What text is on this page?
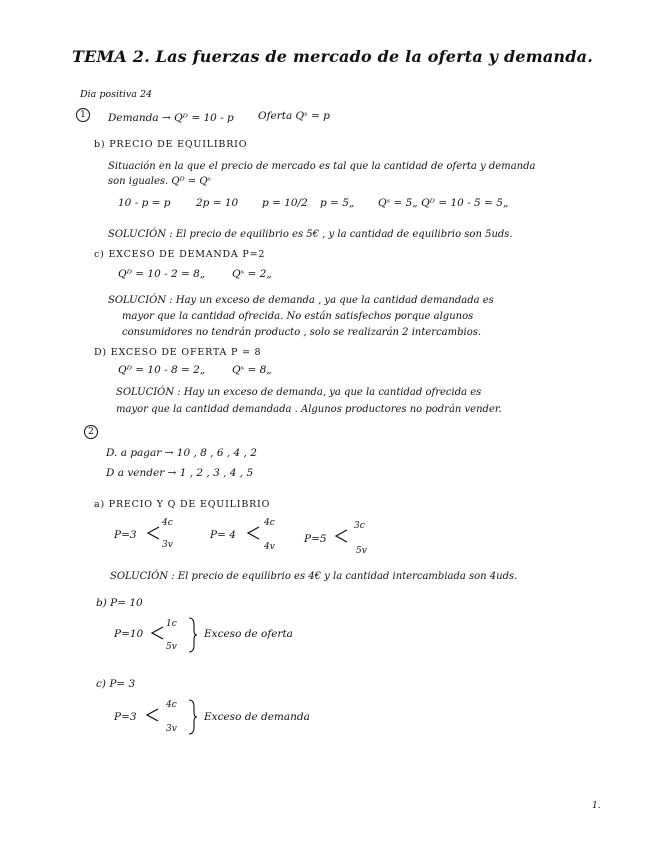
TEMA 2. Las fuerzas de mercado de la oferta y demanda.
Dia positiva 24
1	Demanda → Qᴰ = 10 - p Oferta Qˢ = p
b) PRECIO DE EQUILIBRIO
Situación en la que el precio de mercado es tal que la cantidad de oferta y demanda
son iguales. Qᴰ = Qˢ
10 - p = p 2p = 10 p = 10/2 p = 5„ Qˢ = 5„ Qᴰ = 10 - 5 = 5„
SOLUCIÓN : El precio de equilibrio es 5€ , y la cantidad de equilibrio son 5uds.
c) EXCESO DE DEMANDA P=2
Qᴰ = 10 - 2 = 8„	Qˢ = 2„
SOLUCIÓN : Hay un exceso de demanda , ya que la cantidad demandada es
mayor que la cantidad ofrecida. No están satisfechos porque algunos
consumidores no tendrán producto , solo se realizarán 2 intercambios.
D) EXCESO DE OFERTA P = 8
Qᴰ = 10 - 8 = 2„	Qˢ = 8„
SOLUCIÓN : Hay un exceso de demanda, ya que la cantidad ofrecida es
mayor que la cantidad demandada . Algunos productores no podrán vender.
2
D. a pagar → 10 , 8 , 6 , 4 , 2
D a vender → 1 , 2 , 3 , 4 , 5
a) PRECIO Y Q DE EQUILIBRIO
P=3
4c
3v
P= 4
4c
4v
P=5
3c
5v
SOLUCIÓN : El precio de equilibrio es 4€ y la cantidad intercambiada son 4uds.
b) P= 10
P=10
1c
5v
Exceso de oferta
c) P= 3
P=3
4c
3v
Exceso de demanda
1.
